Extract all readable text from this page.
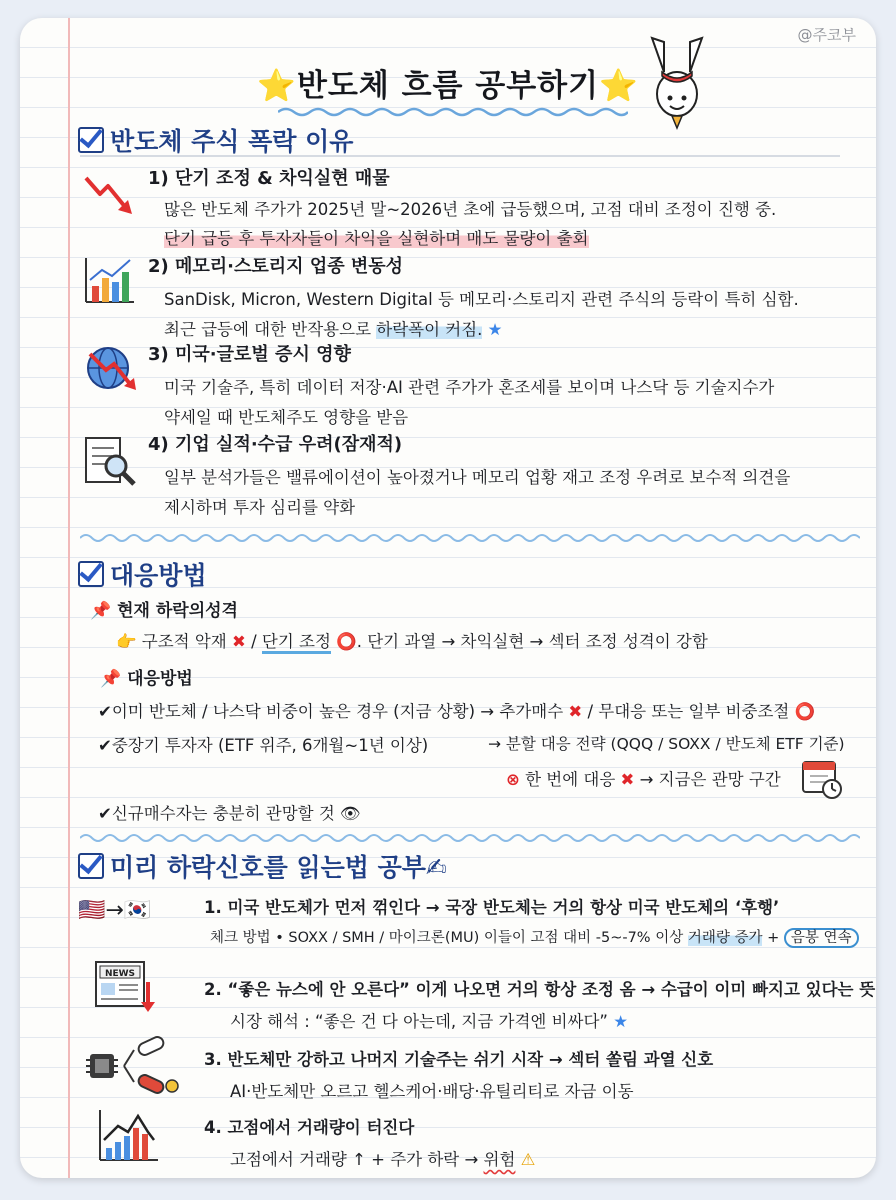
@주코부
⭐반도체 흐름 공부하기⭐
반도체 주식 폭락 이유
1) 단기 조정 & 차익실현 매물
많은 반도체 주가가 2025년 말~2026년 초에 급등했으며, 고점 대비 조정이 진행 중.
단기 급등 후 투자자들이 차익을 실현하며 매도 물량이 출회
2) 메모리·스토리지 업종 변동성
SanDisk, Micron, Western Digital 등 메모리·스토리지 관련 주식의 등락이 특히 심함.
최근 급등에 대한 반작용으로 하락폭이 커짐. ★
3) 미국·글로벌 증시 영향
미국 기술주, 특히 데이터 저장·AI 관련 주가가 혼조세를 보이며 나스닥 등 기술지수가
약세일 때 반도체주도 영향을 받음
4) 기업 실적·수급 우려(잠재적)
일부 분석가들은 밸류에이션이 높아졌거나 메모리 업황 재고 조정 우려로 보수적 의견을
제시하며 투자 심리를 약화
대응방법
📌 현재 하락의성격
👉 구조적 악재 ✖ / 단기 조정 ⭕. 단기 과열 → 차익실현 → 섹터 조정 성격이 강함
📌 대응방법
✔이미 반도체 / 나스닥 비중이 높은 경우 (지금 상황) → 추가매수 ✖ / 무대응 또는 일부 비중조절 ⭕
✔중장기 투자자 (ETF 위주, 6개월~1년 이상)	→ 분할 대응 전략 (QQQ / SOXX / 반도체 ETF 기준)
⊗ 한 번에 대응 ✖ → 지금은 관망 구간
✔신규매수자는 충분히 관망할 것 👁
미리 하락신호를 읽는법 공부✍
🇺🇸→🇰🇷	1. 미국 반도체가 먼저 꺾인다 → 국장 반도체는 거의 항상 미국 반도체의 ‘후행’
체크 방법 • SOXX / SMH / 마이크론(MU) 이들이 고점 대비 -5~-7% 이상 거래량 증가 + 음봉 연속
NEWS
2. “좋은 뉴스에 안 오른다” 이게 나오면 거의 항상 조정 옴 → 수급이 이미 빠지고 있다는 뜻
시장 해석 : “좋은 건 다 아는데, 지금 가격엔 비싸다” ★
3. 반도체만 강하고 나머지 기술주는 쉬기 시작 → 섹터 쏠림 과열 신호
AI·반도체만 오르고 헬스케어·배당·유틸리티로 자금 이동
4. 고점에서 거래량이 터진다
고점에서 거래량 ↑ + 주가 하락 → 위험 ⚠
